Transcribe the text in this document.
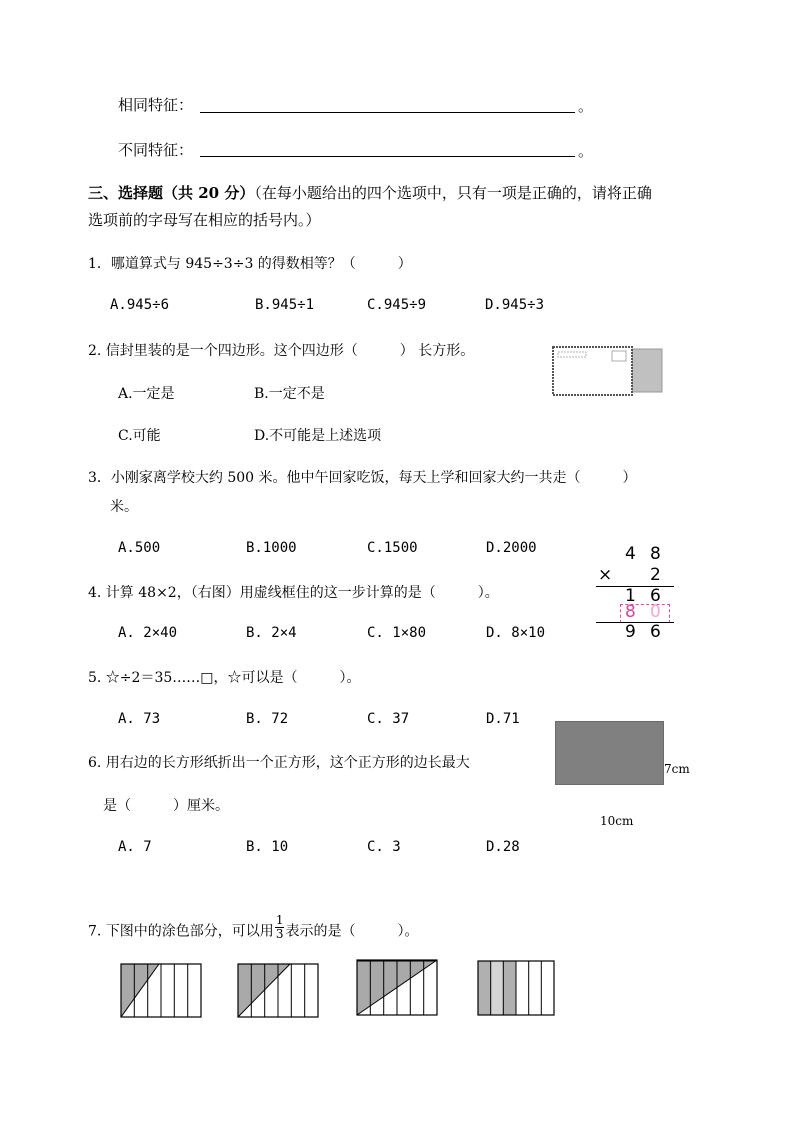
相同特征：	。
不同特征：	。
三、选择题（共 20 分）（在每小题给出的四个选项中，只有一项是正确的，请将正确
选项前的字母写在相应的括号内。）
1．哪道算式与 945÷3÷3 的得数相等？（　　　）
A.945÷6	B.945÷1	C.945÷9	D.945÷3
2. 信封里装的是一个四边形。这个四边形（　　　） 长方形。
A.一定是	B.一定不是
C.可能	D.不可能是上述选项
3．小刚家离学校大约 500 米。他中午回家吃饭，每天上学和回家大约一共走（　　　）
米。
A.500	B.1000	C.1500	D.2000	4 8
× 2
1 6
8 0
9 6
4. 计算 48×2，（右图）用虚线框住的这一步计算的是（　　　）。
A. 2×40	B. 2×4	C. 1×80	D. 8×10
5. ☆÷2＝35……□，☆可以是（　　　）。
A. 73	B. 72	C. 37	D.71
7cm
10cm
6. 用右边的长方形纸折出一个正方形，这个正方形的边长最大
是（　　　）厘米。
A. 7	B. 10	C. 3	D.28
7. 下图中的涂色部分，可以用 $\frac{1}{3}$ 表示的是（　　　）。
